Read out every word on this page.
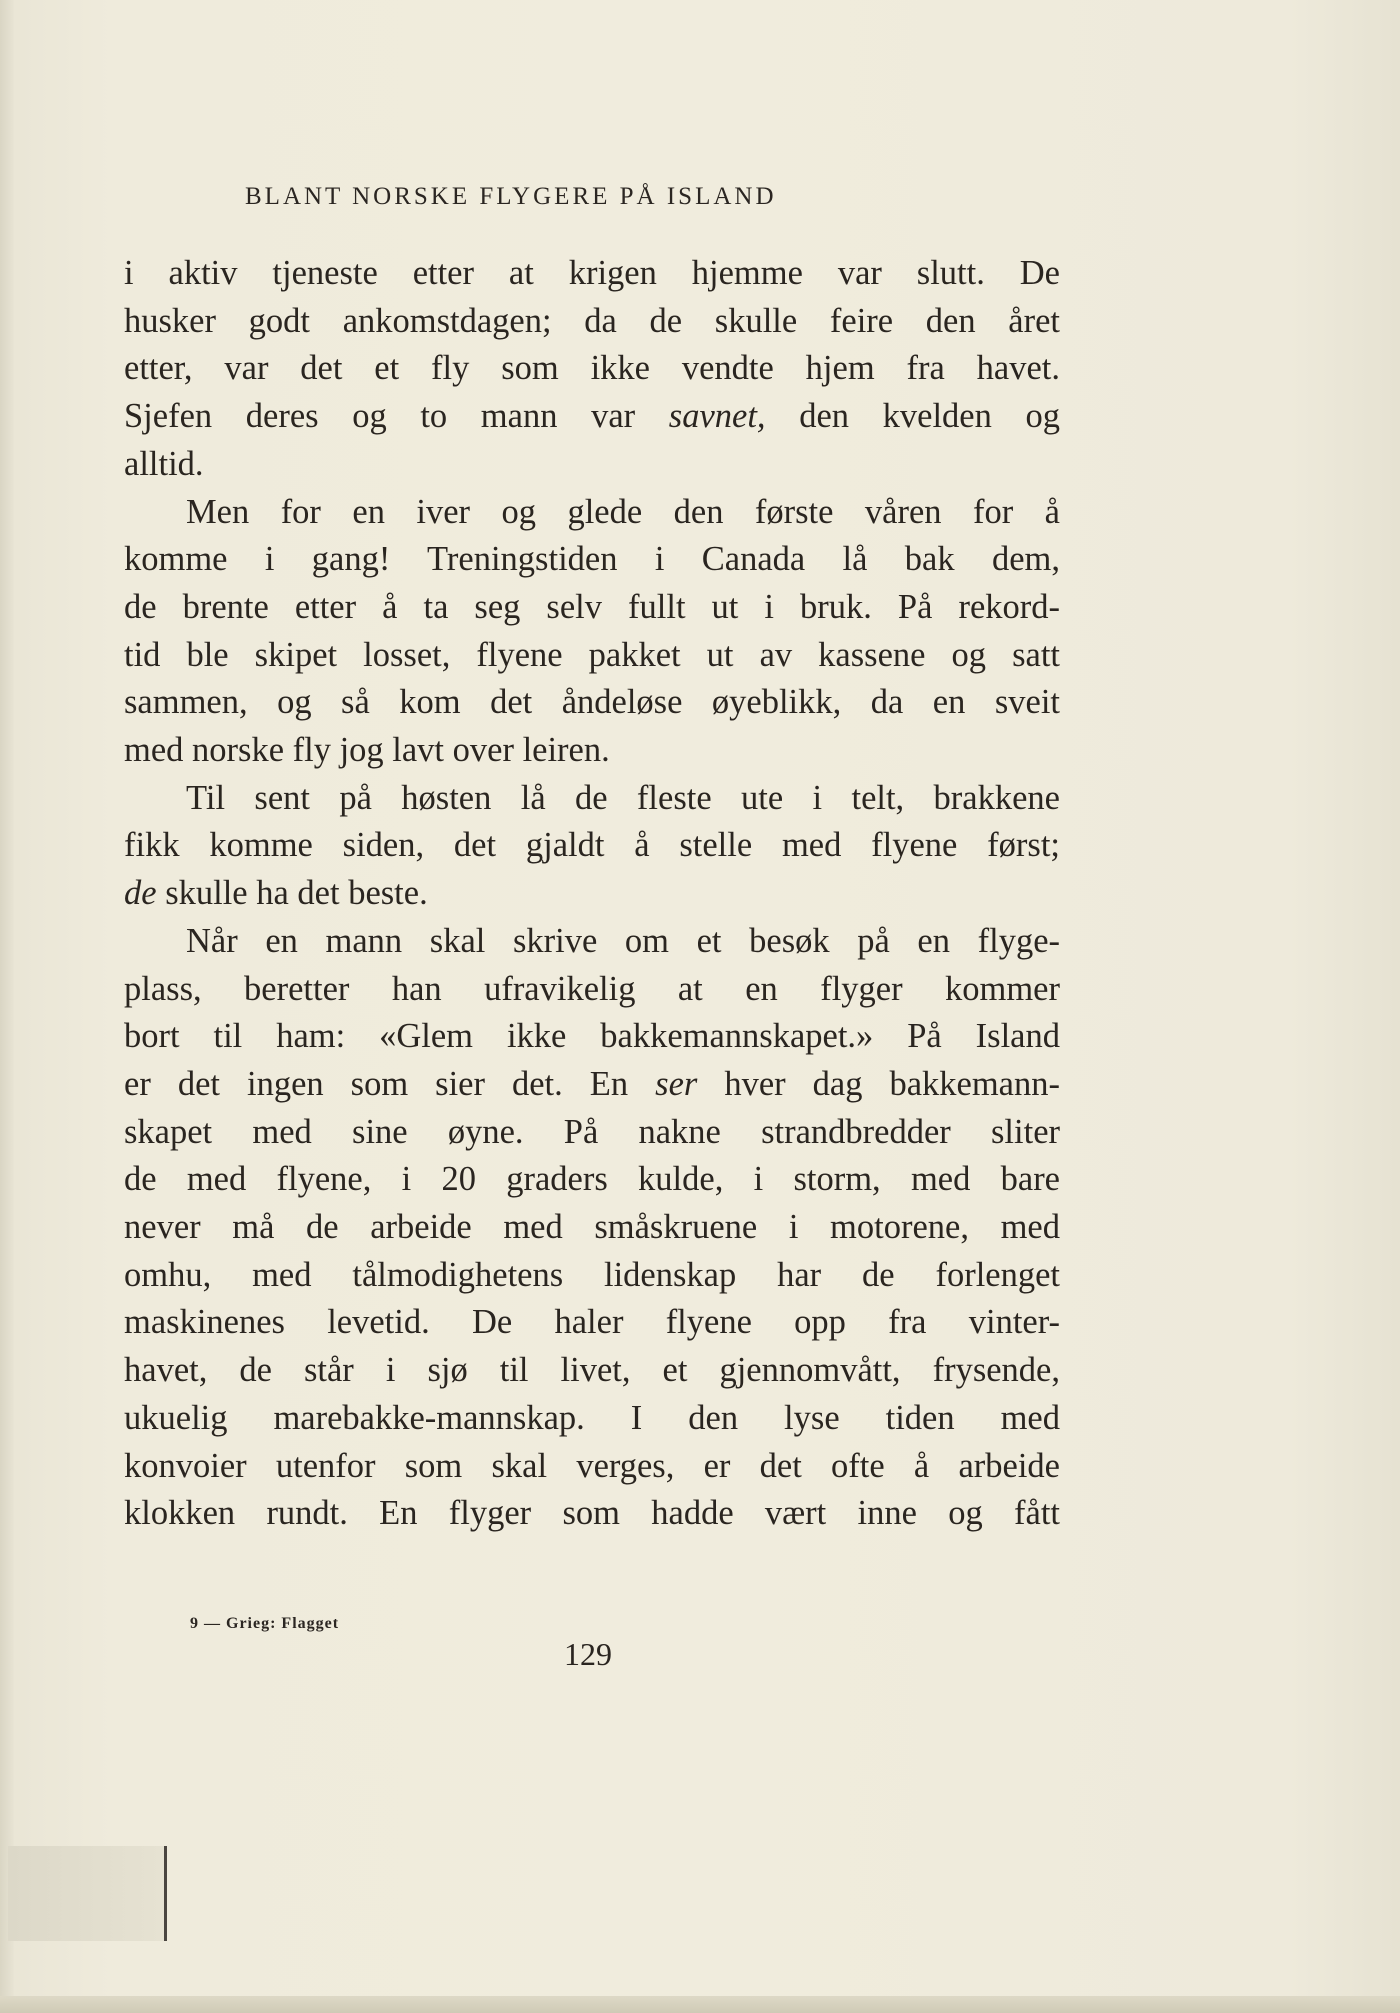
BLANT NORSKE FLYGERE PÅ ISLAND

i aktiv tjeneste etter at krigen hjemme var slutt. De

husker godt ankomstdagen; da de skulle feire den året

etter, var det et fly som ikke vendte hjem fra havet.

Sjefen deres og to mann var savnet, den kvelden og

alltid.

Men for en iver og glede den første våren for å

komme i gang! Treningstiden i Canada lå bak dem,

de brente etter å ta seg selv fullt ut i bruk. På rekord-

tid ble skipet losset, flyene pakket ut av kassene og satt

sammen, og så kom det åndeløse øyeblikk, da en sveit

med norske fly jog lavt over leiren.

Til sent på høsten lå de fleste ute i telt, brakkene

fikk komme siden, det gjaldt å stelle med flyene først;

de skulle ha det beste.

Når en mann skal skrive om et besøk på en flyge-

plass, beretter han ufravikelig at en flyger kommer

bort til ham: «Glem ikke bakkemannskapet.» På Island

er det ingen som sier det. En ser hver dag bakkemann-

skapet med sine øyne. På nakne strandbredder sliter

de med flyene, i 20 graders kulde, i storm, med bare

never må de arbeide med småskruene i motorene, med

omhu, med tålmodighetens lidenskap har de forlenget

maskinenes levetid. De haler flyene opp fra vinter-

havet, de står i sjø til livet, et gjennomvått, frysende,

ukuelig marebakke-mannskap. I den lyse tiden med

konvoier utenfor som skal verges, er det ofte å arbeide

klokken rundt. En flyger som hadde vært inne og fått

9 — Grieg: Flagget
129
